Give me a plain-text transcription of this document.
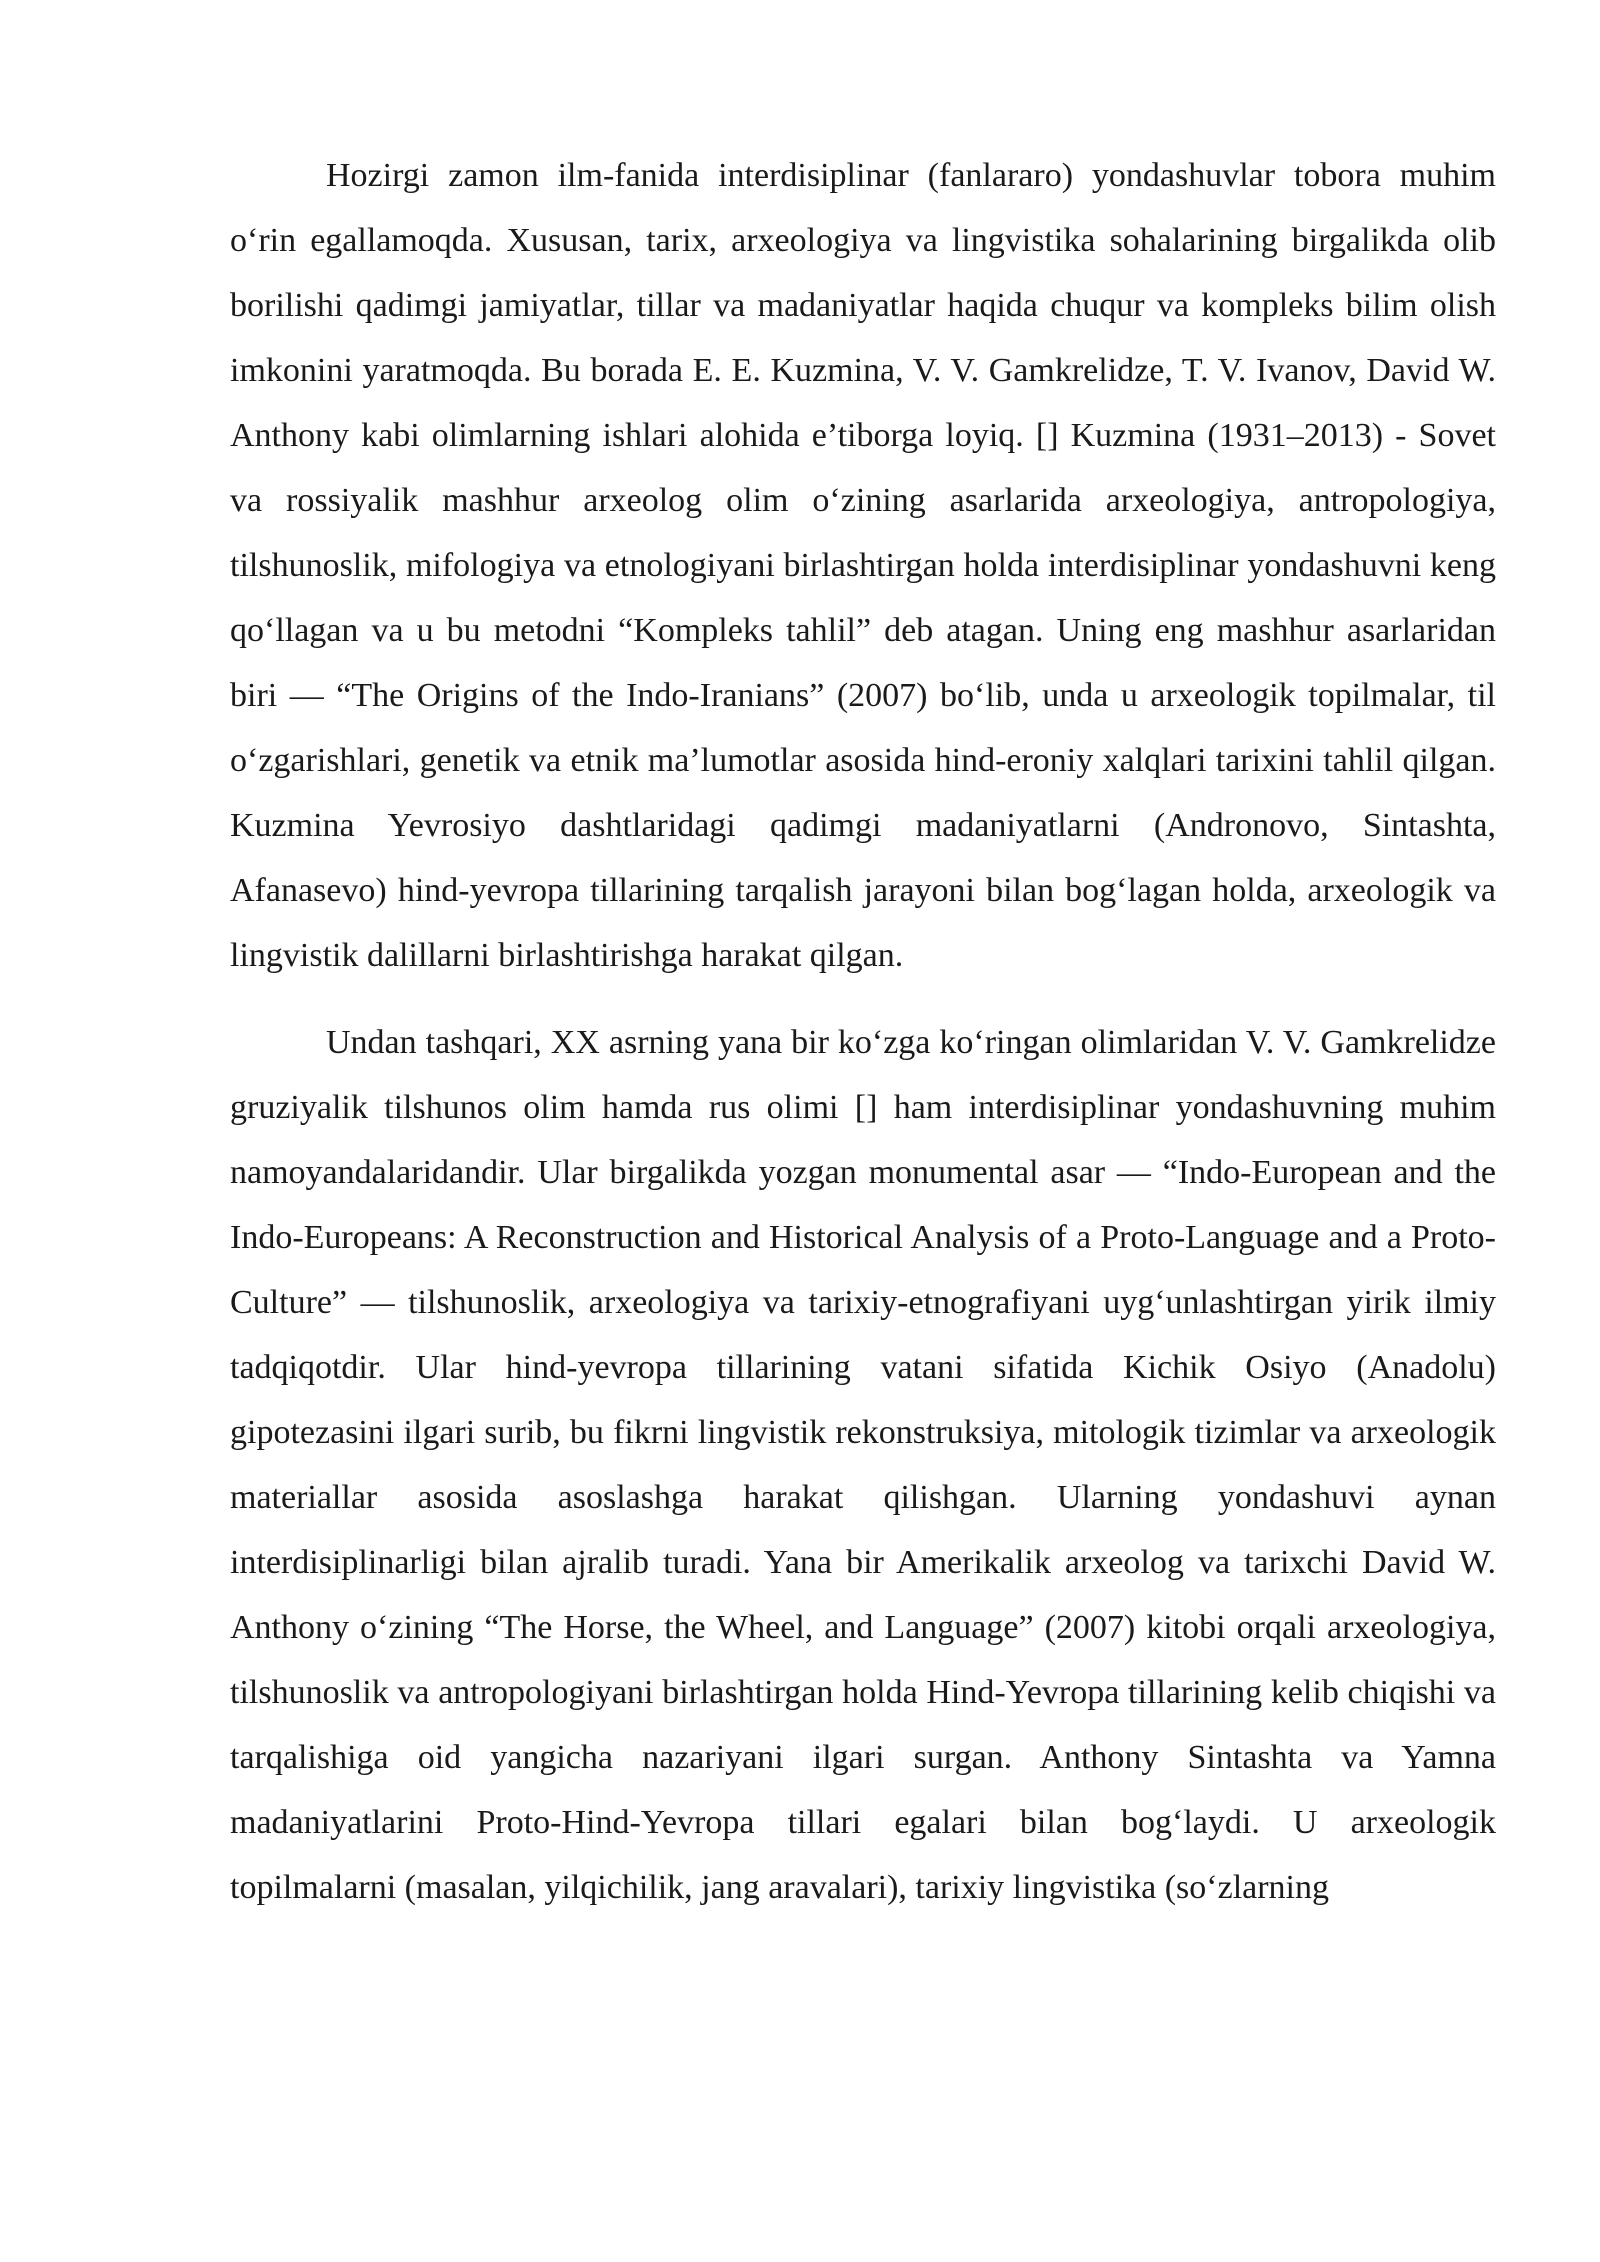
Hozirgi zamon ilm-fanida interdisiplinar (fanlararo) yondashuvlar tobora muhim o‘rin egallamoqda. Xususan, tarix, arxeologiya va lingvistika sohalarining birgalikda olib borilishi qadimgi jamiyatlar, tillar va madaniyatlar haqida chuqur va kompleks bilim olish imkonini yaratmoqda. Bu borada E. E. Kuzmina, V. V. Gamkrelidze, T. V. Ivanov, David W. Anthony kabi olimlarning ishlari alohida e’tiborga loyiq. [] Kuzmina (1931–2013) - Sovet va rossiyalik mashhur arxeolog olim o‘zining asarlarida arxeologiya, antropologiya, tilshunoslik, mifologiya va etnologiyani birlashtirgan holda interdisiplinar yondashuvni keng qo‘llagan va u bu metodni “Kompleks tahlil” deb atagan. Uning eng mashhur asarlaridan biri — “The Origins of the Indo-Iranians” (2007) bo‘lib, unda u arxeologik topilmalar, til o‘zgarishlari, genetik va etnik ma’lumotlar asosida hind-eroniy xalqlari tarixini tahlil qilgan. Kuzmina Yevrosiyo dashtlaridagi qadimgi madaniyatlarni (Andronovo, Sintashta, Afanasevo) hind-yevropa tillarining tarqalish jarayoni bilan bog‘lagan holda, arxeologik va lingvistik dalillarni birlashtirishga harakat qilgan.

Undan tashqari, XX asrning yana bir ko‘zga ko‘ringan olimlaridan V. V. Gamkrelidze gruziyalik tilshunos olim hamda rus olimi [] ham interdisiplinar yondashuvning muhim namoyandalaridandir. Ular birgalikda yozgan monumental asar — “Indo-European and the Indo-Europeans: A Reconstruction and Historical Analysis of a Proto-Language and a Proto-Culture” — tilshunoslik, arxeologiya va tarixiy-etnografiyani uyg‘unlashtirgan yirik ilmiy tadqiqotdir. Ular hind-yevropa tillarining vatani sifatida Kichik Osiyo (Anadolu) gipotezasini ilgari surib, bu fikrni lingvistik rekonstruksiya, mitologik tizimlar va arxeologik materiallar asosida asoslashga harakat qilishgan. Ularning yondashuvi aynan interdisiplinarligi bilan ajralib turadi. Yana bir Amerikalik arxeolog va tarixchi David W. Anthony o‘zining “The Horse, the Wheel, and Language” (2007) kitobi orqali arxeologiya, tilshunoslik va antropologiyani birlashtirgan holda Hind-Yevropa tillarining kelib chiqishi va tarqalishiga oid yangicha nazariyani ilgari surgan. Anthony Sintashta va Yamna madaniyatlarini Proto-Hind-Yevropa tillari egalari bilan bog‘laydi. U arxeologik topilmalarni (masalan, yilqichilik, jang aravalari), tarixiy lingvistika (so‘zlarning
